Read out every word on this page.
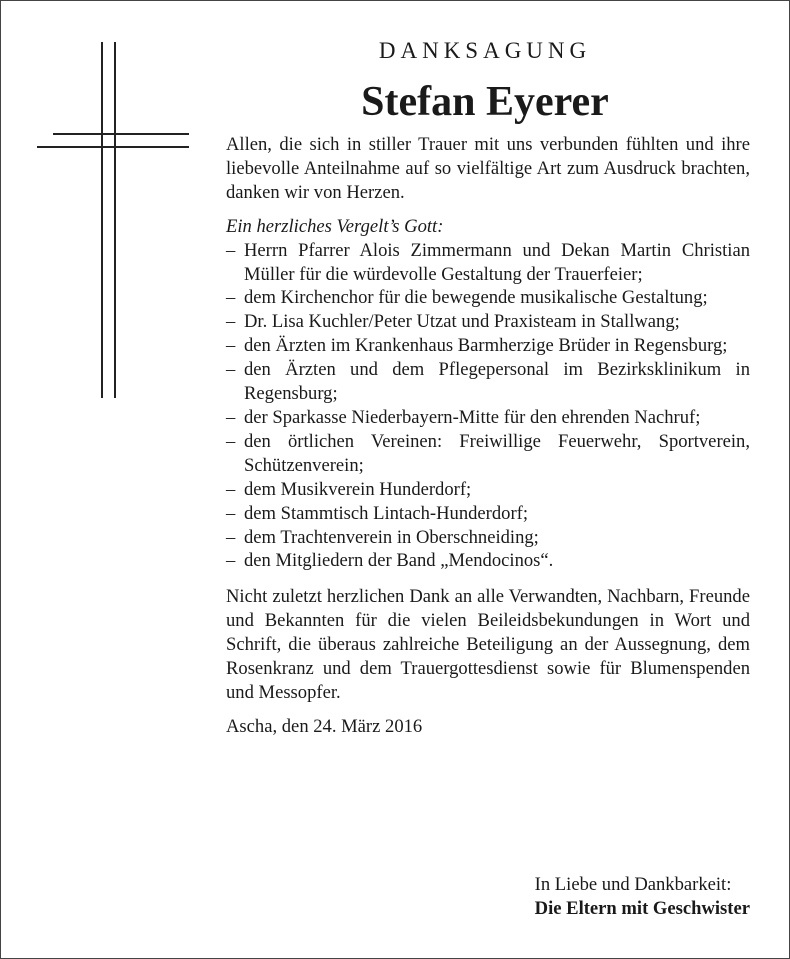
DANKSAGUNG
Stefan Eyerer

Allen, die sich in stiller Trauer mit uns verbunden fühlten und ihre liebevolle Anteilnahme auf so vielfältige Art zum Ausdruck brachten, danken wir von Herzen.

Ein herzliches Vergelt’s Gott:

– Herrn Pfarrer Alois Zimmermann und Dekan Martin Christian Müller für die würdevolle Gestaltung der Trauerfeier;
– dem Kirchenchor für die bewegende musikalische Gestaltung;
– Dr. Lisa Kuchler/Peter Utzat und Praxisteam in Stallwang;
– den Ärzten im Krankenhaus Barmherzige Brüder in Regensburg;
– den Ärzten und dem Pflegepersonal im Bezirksklinikum in Regensburg;
– der Sparkasse Niederbayern-Mitte für den ehrenden Nachruf;
– den örtlichen Vereinen: Freiwillige Feuerwehr, Sportverein, Schützenverein;
– dem Musikverein Hunderdorf;
– dem Stammtisch Lintach-Hunderdorf;
– dem Trachtenverein in Oberschneiding;
– den Mitgliedern der Band „Mendocinos“.

Nicht zuletzt herzlichen Dank an alle Verwandten, Nachbarn, Freunde und Bekannten für die vielen Beileidsbekundungen in Wort und Schrift, die überaus zahlreiche Beteiligung an der Aussegnung, dem Rosenkranz und dem Trauergottesdienst sowie für Blumenspenden und Messopfer.

Ascha, den 24. März 2016

In Liebe und Dankbarkeit:
Die Eltern mit Geschwister
